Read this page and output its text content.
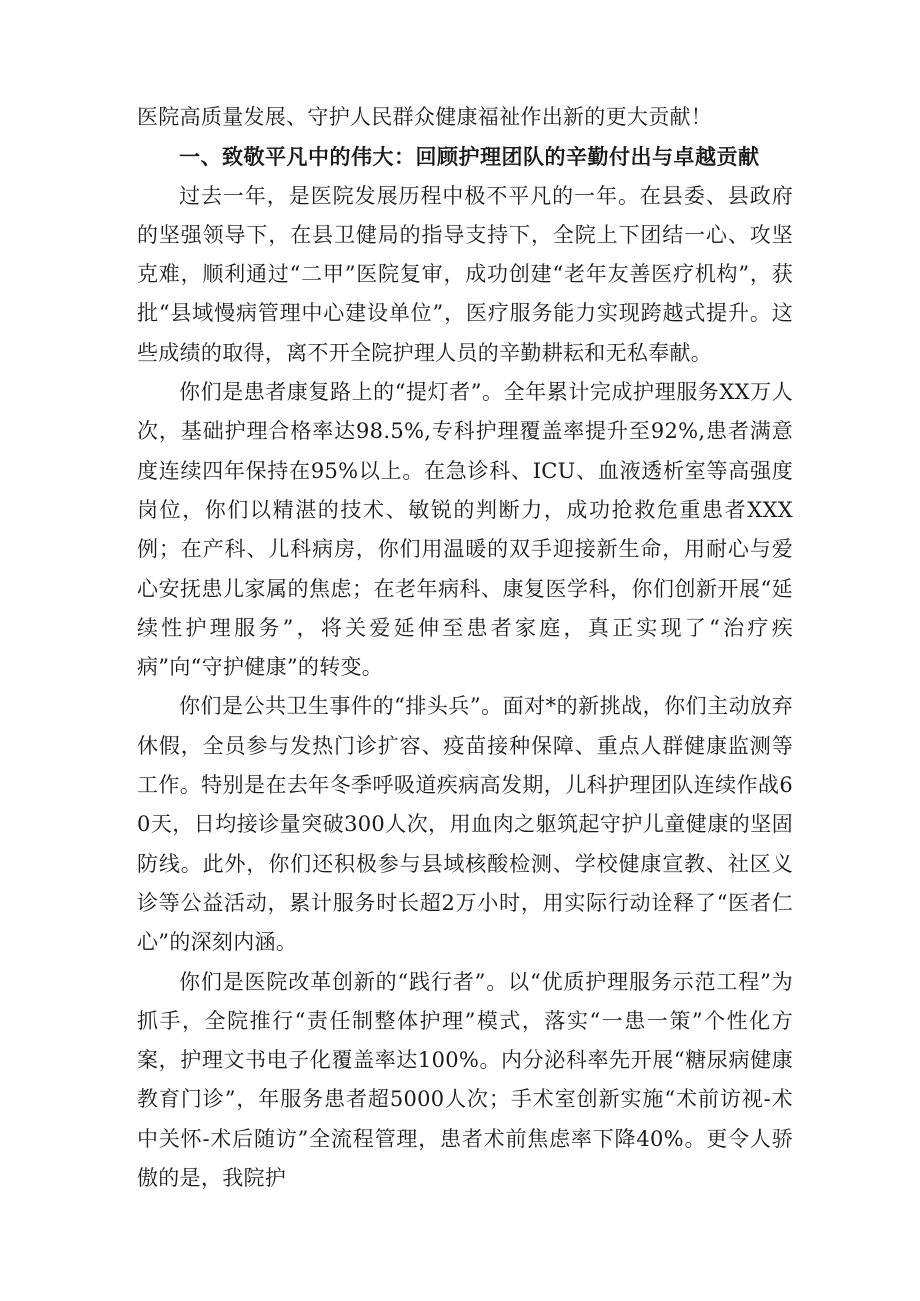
医院高质量发展、守护人民群众健康福祉作出新的更大贡献！

一、致敬平凡中的伟大：回顾护理团队的辛勤付出与卓越贡献

过去一年，是医院发展历程中极不平凡的一年。在县委、县政府的坚强领导下，在县卫健局的指导支持下，全院上下团结一心、攻坚克难，顺利通过“二甲”医院复审，成功创建“老年友善医疗机构”，获批“县域慢病管理中心建设单位”，医疗服务能力实现跨越式提升。这些成绩的取得，离不开全院护理人员的辛勤耕耘和无私奉献。

你们是患者康复路上的“提灯者”。全年累计完成护理服务XX万人次，基础护理合格率达98.5%,专科护理覆盖率提升至92%,患者满意度连续四年保持在95%以上。在急诊科、ICU、血液透析室等高强度岗位，你们以精湛的技术、敏锐的判断力，成功抢救危重患者XXX例；在产科、儿科病房，你们用温暖的双手迎接新生命，用耐心与爱心安抚患儿家属的焦虑；在老年病科、康复医学科，你们创新开展“延续性护理服务”，将关爱延伸至患者家庭，真正实现了“治疗疾病”向“守护健康”的转变。

你们是公共卫生事件的“排头兵”。面对*的新挑战，你们主动放弃休假，全员参与发热门诊扩容、疫苗接种保障、重点人群健康监测等工作。特别是在去年冬季呼吸道疾病高发期，儿科护理团队连续作战60天，日均接诊量突破300人次，用血肉之躯筑起守护儿童健康的坚固防线。此外，你们还积极参与县域核酸检测、学校健康宣教、社区义诊等公益活动，累计服务时长超2万小时，用实际行动诠释了“医者仁心”的深刻内涵。

你们是医院改革创新的“践行者”。以“优质护理服务示范工程”为抓手，全院推行“责任制整体护理”模式，落实“一患一策”个性化方案，护理文书电子化覆盖率达100%。内分泌科率先开展“糖尿病健康教育门诊”，年服务患者超5000人次；手术室创新实施“术前访视-术中关怀-术后随访”全流程管理，患者术前焦虑率下降40%。更令人骄傲的是，我院护
